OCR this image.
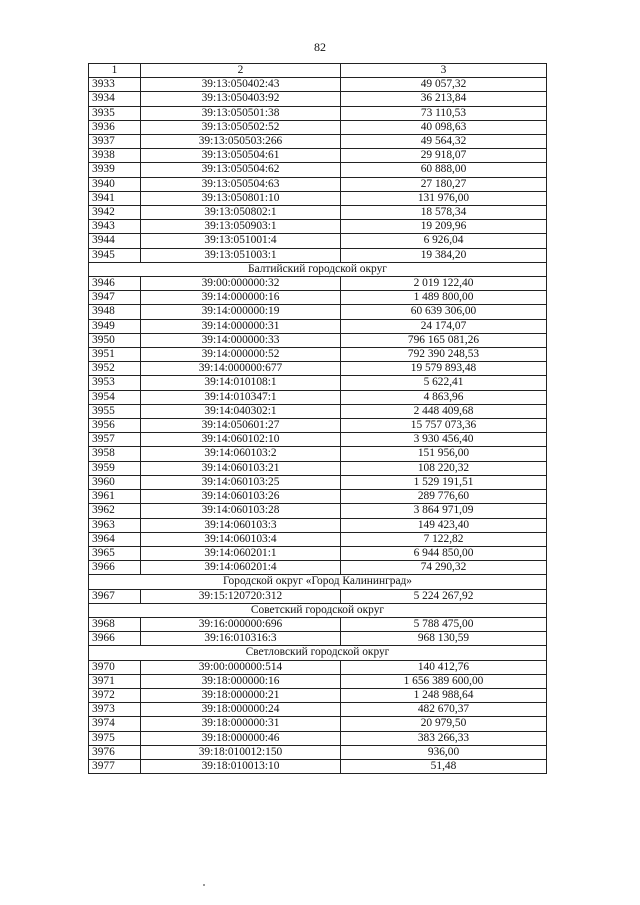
82
1	2	3
3933	39:13:050402:43	49 057,32
3934	39:13:050403:92	36 213,84
3935	39:13:050501:38	73 110,53
3936	39:13:050502:52	40 098,63
3937	39:13:050503:266	49 564,32
3938	39:13:050504:61	29 918,07
3939	39:13:050504:62	60 888,00
3940	39:13:050504:63	27 180,27
3941	39:13:050801:10	131 976,00
3942	39:13:050802:1	18 578,34
3943	39:13:050903:1	19 209,96
3944	39:13:051001:4	6 926,04
3945	39:13:051003:1	19 384,20
Балтийский городской округ		
3946	39:00:000000:32	2 019 122,40
3947	39:14:000000:16	1 489 800,00
3948	39:14:000000:19	60 639 306,00
3949	39:14:000000:31	24 174,07
3950	39:14:000000:33	796 165 081,26
3951	39:14:000000:52	792 390 248,53
3952	39:14:000000:677	19 579 893,48
3953	39:14:010108:1	5 622,41
3954	39:14:010347:1	4 863,96
3955	39:14:040302:1	2 448 409,68
3956	39:14:050601:27	15 757 073,36
3957	39:14:060102:10	3 930 456,40
3958	39:14:060103:2	151 956,00
3959	39:14:060103:21	108 220,32
3960	39:14:060103:25	1 529 191,51
3961	39:14:060103:26	289 776,60
3962	39:14:060103:28	3 864 971,09
3963	39:14:060103:3	149 423,40
3964	39:14:060103:4	7 122,82
3965	39:14:060201:1	6 944 850,00
3966	39:14:060201:4	74 290,32
Городской округ «Город Калининград»		
3967	39:15:120720:312	5 224 267,92
Советский городской округ		
3968	39:16:000000:696	5 788 475,00
3966	39:16:010316:3	968 130,59
Светловский городской округ		
3970	39:00:000000:514	140 412,76
3971	39:18:000000:16	1 656 389 600,00
3972	39:18:000000:21	1 248 988,64
3973	39:18:000000:24	482 670,37
3974	39:18:000000:31	20 979,50
3975	39:18:000000:46	383 266,33
3976	39:18:010012:150	936,00
3977	39:18:010013:10	51,48
